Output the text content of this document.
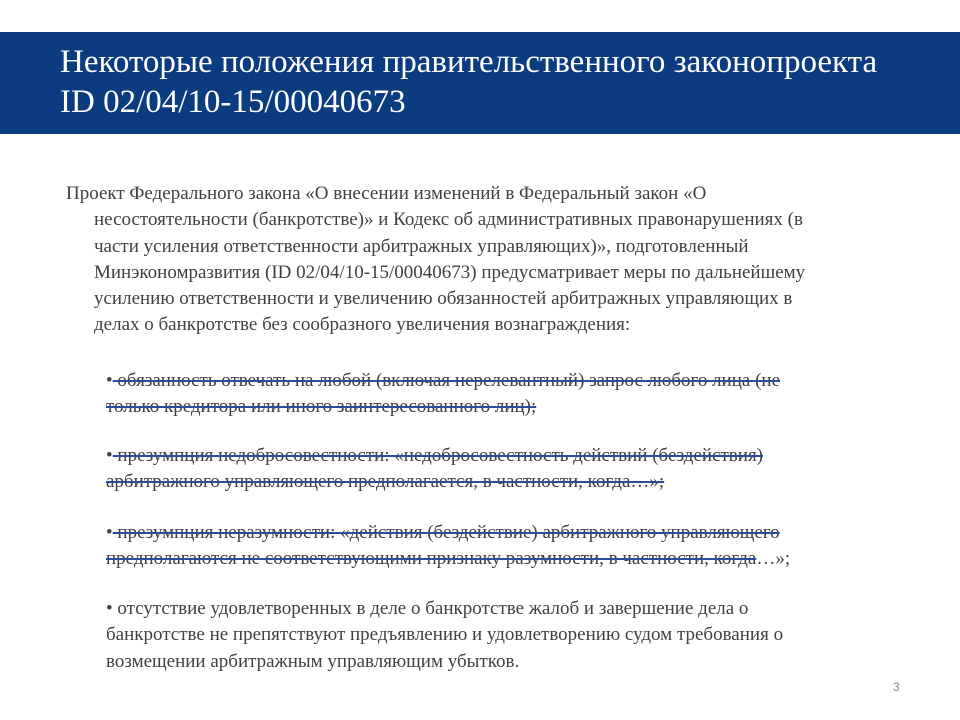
Некоторые положения правительственного законопроекта
ID 02/04/10-15/00040673
Проект Федерального закона «О внесении изменений в Федеральный закон «О
несостоятельности (банкротстве)» и Кодекс об административных правонарушениях (в
части усиления ответственности арбитражных управляющих)», подготовленный
Минэкономразвития (ID 02/04/10-15/00040673) предусматривает меры по дальнейшему
усилению ответственности и увеличению обязанностей арбитражных управляющих в
делах о банкротстве без сообразного увеличения вознаграждения:
• обязанность отвечать на любой (включая нерелевантный) запрос любого лица (не
только кредитора или иного заинтересованного лиц);
• презумпция недобросовестности: «недобросовестность действий (бездействия)
арбитражного управляющего предполагается, в частности, когда…»;
• презумпция неразумности: «действия (бездействие) арбитражного управляющего
предполагаются не соответствующими признаку разумности, в частности, когда…»;
• отсутствие удовлетворенных в деле о банкротстве жалоб и завершение дела о
банкротстве не препятствуют предъявлению и удовлетворению судом требования о
возмещении арбитражным управляющим убытков.
3
